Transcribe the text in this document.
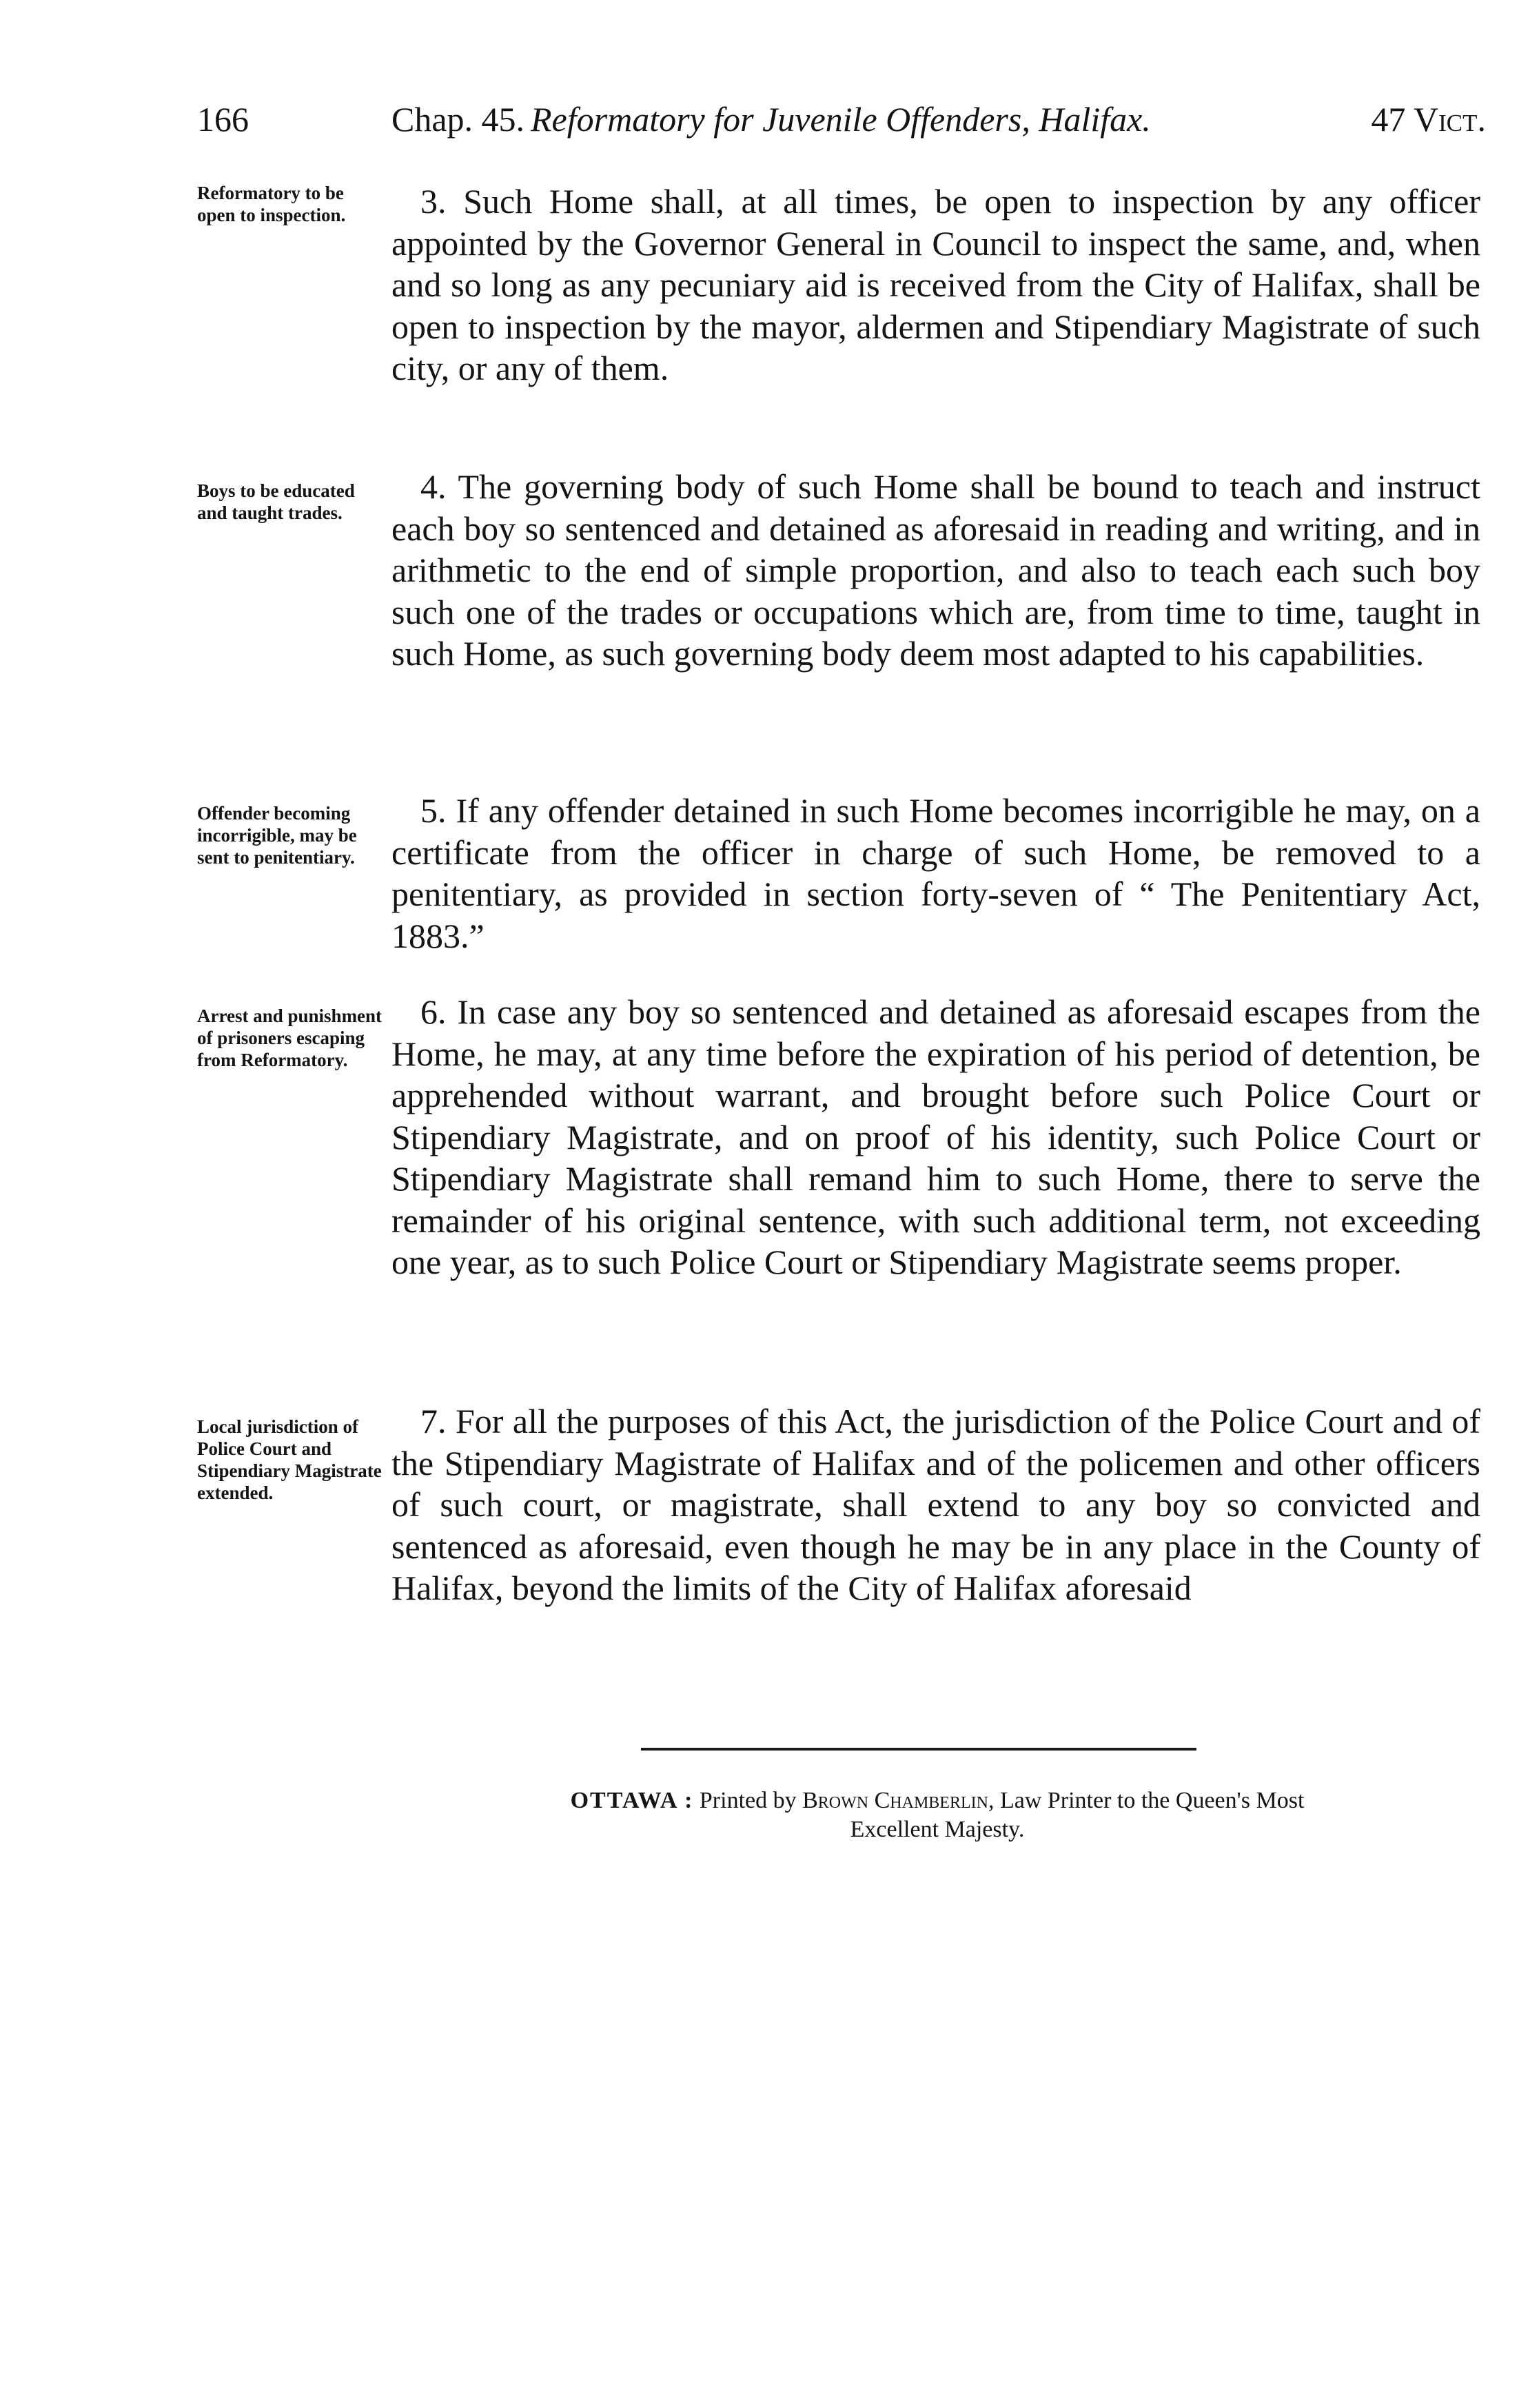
166	Chap. 45. Reformatory for Juvenile Offenders, Halifax.	47 Vict.
Reformatory to be open to inspection.	3. Such Home shall, at all times, be open to inspection by any officer appointed by the Governor General in Council to inspect the same, and, when and so long as any pecuniary aid is received from the City of Halifax, shall be open to inspection by the mayor, aldermen and Stipendiary Magistrate of such city, or any of them.

Boys to be educated and taught trades.

4. The governing body of such Home shall be bound to teach and instruct each boy so sentenced and detained as aforesaid in reading and writing, and in arithmetic to the end of simple proportion, and also to teach each such boy such one of the trades or occupations which are, from time to time, taught in such Home, as such governing body deem most adapted to his capabilities.

Offender becoming incorrigible, may be sent to penitentiary.

5. If any offender detained in such Home becomes incorrigible he may, on a certificate from the officer in charge of such Home, be removed to a penitentiary, as provided in section forty-seven of “ The Penitentiary Act, 1883.”

Arrest and punishment of prisoners escaping from Reformatory.

6. In case any boy so sentenced and detained as aforesaid escapes from the Home, he may, at any time before the expiration of his period of detention, be apprehended without warrant, and brought before such Police Court or Stipendiary Magistrate, and on proof of his identity, such Police Court or Stipendiary Magistrate shall remand him to such Home, there to serve the remainder of his original sentence, with such additional term, not exceeding one year, as to such Police Court or Stipendiary Magistrate seems proper.

Local jurisdiction of Police Court and Stipendiary Magistrate extended.

7. For all the purposes of this Act, the jurisdiction of the Police Court and of the Stipendiary Magistrate of Halifax and of the policemen and other officers of such court, or magistrate, shall extend to any boy so convicted and sentenced as aforesaid, even though he may be in any place in the County of Halifax, beyond the limits of the City of Halifax aforesaid

OTTAWA : Printed by Brown Chamberlin, Law Printer to the Queen's Most
Excellent Majesty.
